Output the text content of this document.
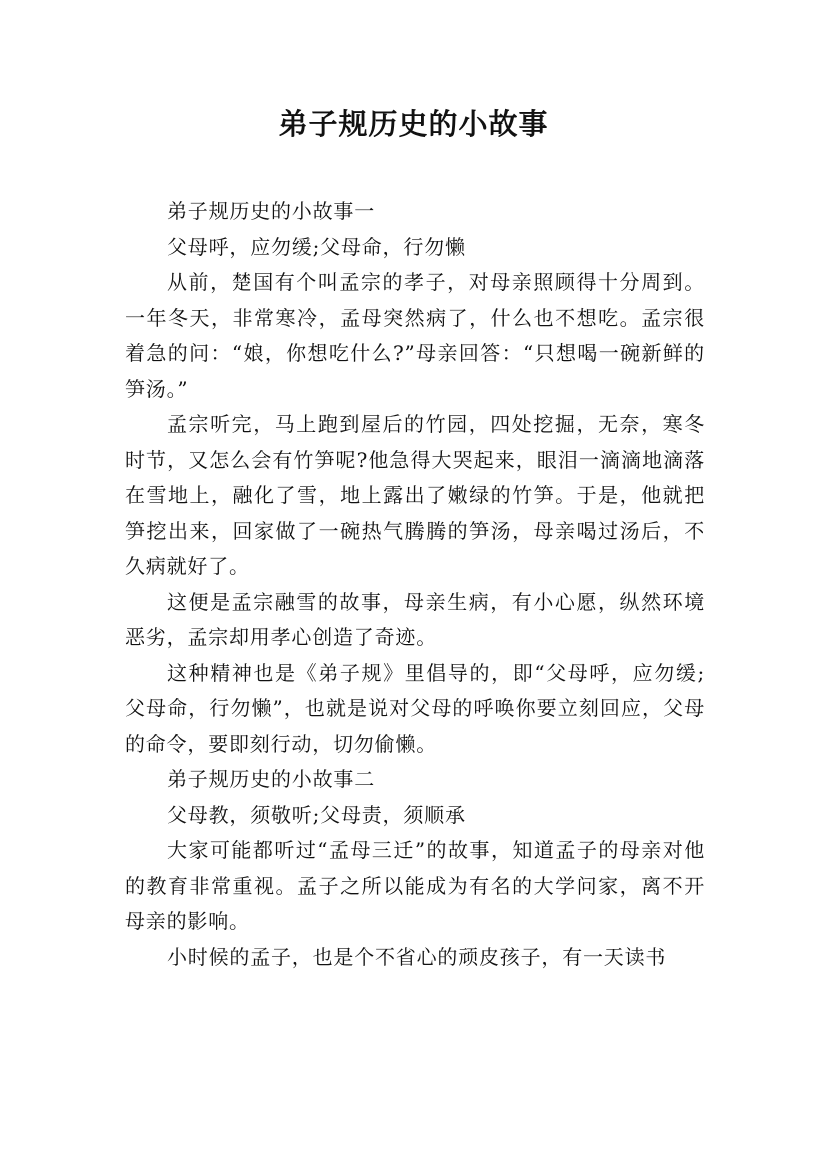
弟子规历史的小故事

弟子规历史的小故事一

父母呼，应勿缓;父母命，行勿懒

从前，楚国有个叫孟宗的孝子，对母亲照顾得十分周到。一年冬天，非常寒冷，孟母突然病了，什么也不想吃。孟宗很着急的问：“娘，你想吃什么?”母亲回答：“只想喝一碗新鲜的笋汤。”

孟宗听完，马上跑到屋后的竹园，四处挖掘，无奈，寒冬时节，又怎么会有竹笋呢?他急得大哭起来，眼泪一滴滴地滴落在雪地上，融化了雪，地上露出了嫩绿的竹笋。于是，他就把笋挖出来，回家做了一碗热气腾腾的笋汤，母亲喝过汤后，不久病就好了。

这便是孟宗融雪的故事，母亲生病，有小心愿，纵然环境恶劣，孟宗却用孝心创造了奇迹。

这种精神也是《弟子规》里倡导的，即“父母呼，应勿缓;父母命，行勿懒”，也就是说对父母的呼唤你要立刻回应，父母的命令，要即刻行动，切勿偷懒。

弟子规历史的小故事二

父母教，须敬听;父母责，须顺承

大家可能都听过“孟母三迁”的故事，知道孟子的母亲对他的教育非常重视。孟子之所以能成为有名的大学问家，离不开母亲的影响。

小时候的孟子，也是个不省心的顽皮孩子，有一天读书
